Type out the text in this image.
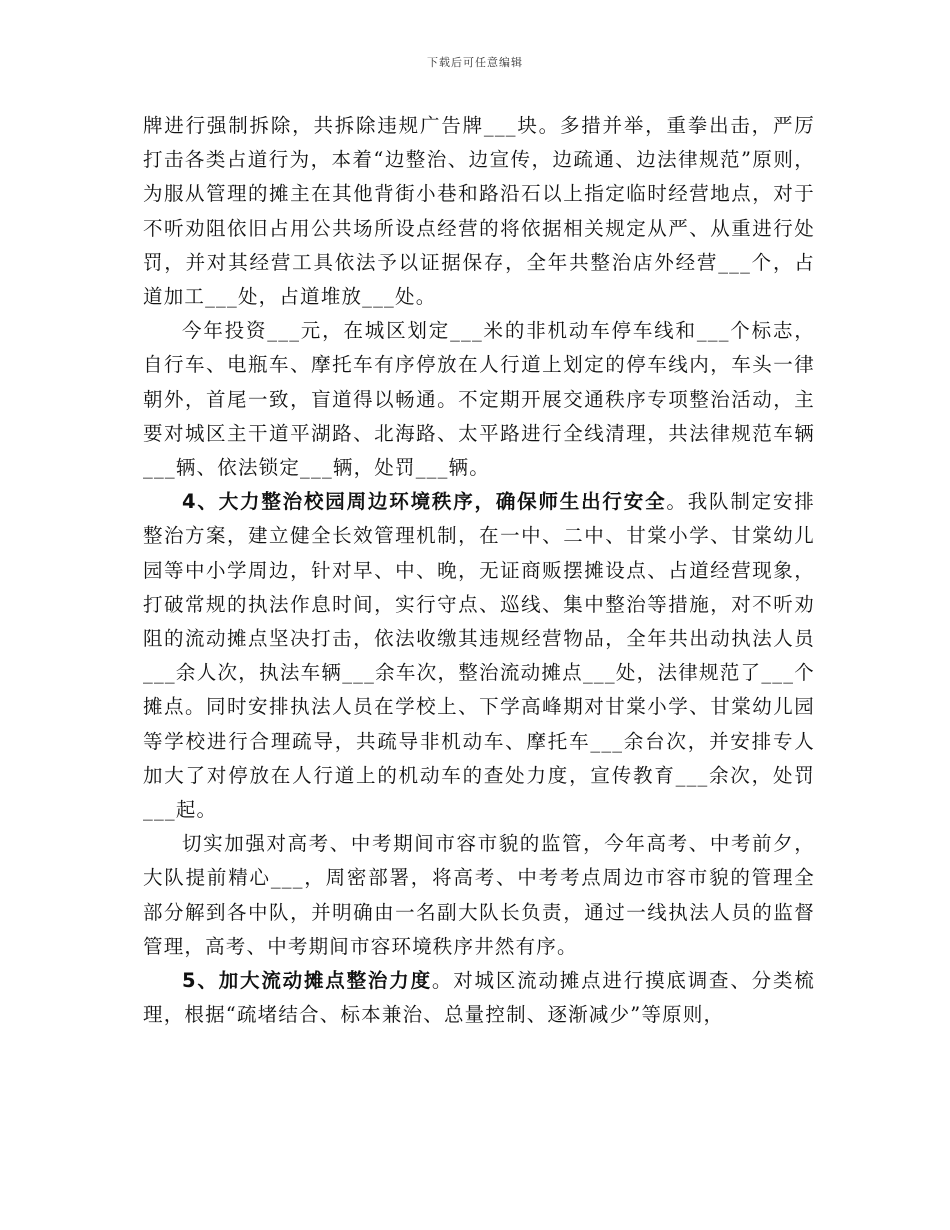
下载后可任意编辑

牌进行强制拆除，共拆除违规广告牌___块。多措并举，重拳出击，严厉打击各类占道行为，本着“边整治、边宣传，边疏通、边法律规范”原则，为服从管理的摊主在其他背街小巷和路沿石以上指定临时经营地点，对于不听劝阻依旧占用公共场所设点经营的将依据相关规定从严、从重进行处罚，并对其经营工具依法予以证据保存，全年共整治店外经营___个，占道加工___处，占道堆放___处。

今年投资___元，在城区划定___米的非机动车停车线和___个标志，自行车、电瓶车、摩托车有序停放在人行道上划定的停车线内，车头一律朝外，首尾一致，盲道得以畅通。不定期开展交通秩序专项整治活动，主要对城区主干道平湖路、北海路、太平路进行全线清理，共法律规范车辆___辆、依法锁定___辆，处罚___辆。

4、大力整治校园周边环境秩序，确保师生出行安全。我队制定安排整治方案，建立健全长效管理机制，在一中、二中、甘棠小学、甘棠幼儿园等中小学周边，针对早、中、晚，无证商贩摆摊设点、占道经营现象，打破常规的执法作息时间，实行守点、巡线、集中整治等措施，对不听劝阻的流动摊点坚决打击，依法收缴其违规经营物品，全年共出动执法人员___余人次，执法车辆___余车次，整治流动摊点___处，法律规范了___个摊点。同时安排执法人员在学校上、下学高峰期对甘棠小学、甘棠幼儿园等学校进行合理疏导，共疏导非机动车、摩托车___余台次，并安排专人加大了对停放在人行道上的机动车的查处力度，宣传教育___余次，处罚___起。

切实加强对高考、中考期间市容市貌的监管，今年高考、中考前夕，大队提前精心___，周密部署，将高考、中考考点周边市容市貌的管理全部分解到各中队，并明确由一名副大队长负责，通过一线执法人员的监督管理，高考、中考期间市容环境秩序井然有序。

5、加大流动摊点整治力度。对城区流动摊点进行摸底调查、分类梳理，根据“疏堵结合、标本兼治、总量控制、逐渐减少”等原则，
